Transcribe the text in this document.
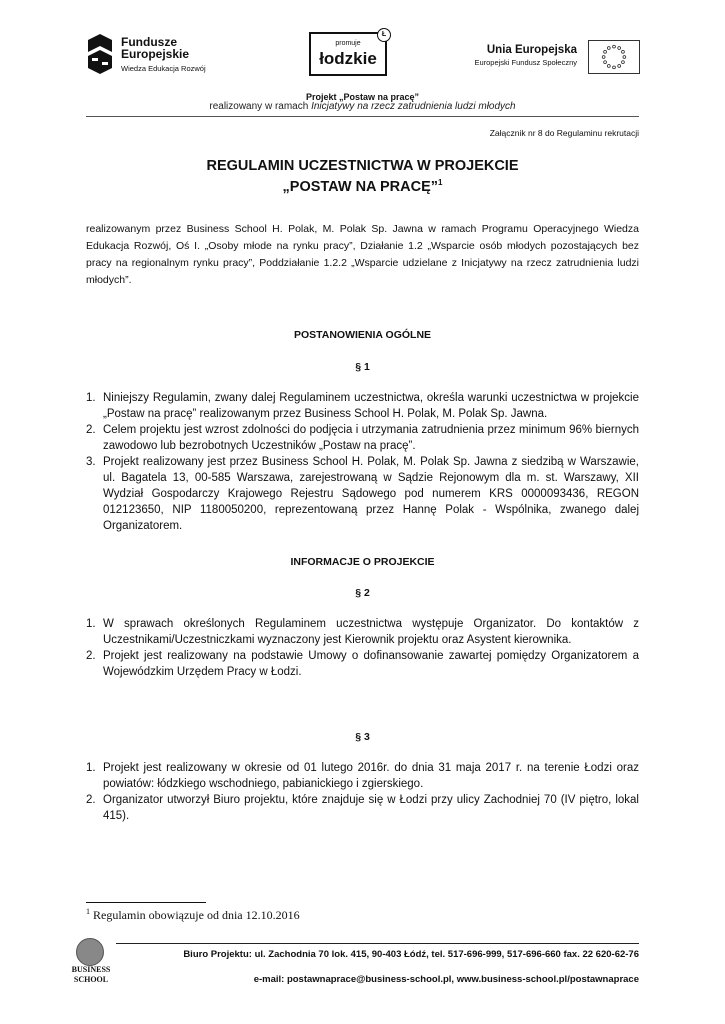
Fundusze
Europejskie
Wiedza Edukacja Rozwój
promuje
łodzkie
Ł
Unia Europejska
Europejski Fundusz Społeczny
Projekt „Postaw na pracę”
realizowany w ramach Inicjatywy na rzecz zatrudnienia ludzi młodych
Załącznik nr 8 do Regulaminu rekrutacji
REGULAMIN UCZESTNICTWA W PROJEKCIE
„POSTAW NA PRACĘ”$^1$
realizowanym przez Business School H. Polak, M. Polak Sp. Jawna w ramach Programu Operacyjnego Wiedza Edukacja Rozwój, Oś I. „Osoby młode na rynku pracy”, Działanie 1.2 „Wsparcie osób młodych pozostających bez pracy na regionalnym rynku pracy”, Poddziałanie 1.2.2 „Wsparcie udzielane z Inicjatywy na rzecz zatrudnienia ludzi młodych”.
POSTANOWIENIA OGÓLNE
§ 1
1. Niniejszy Regulamin, zwany dalej Regulaminem uczestnictwa, określa warunki uczestnictwa w projekcie „Postaw na pracę” realizowanym przez Business School H. Polak, M. Polak Sp. Jawna.
2. Celem projektu jest wzrost zdolności do podjęcia i utrzymania zatrudnienia przez minimum 96% biernych zawodowo lub bezrobotnych Uczestników „Postaw na pracę”.
3. Projekt realizowany jest przez Business School H. Polak, M. Polak Sp. Jawna z siedzibą w Warszawie, ul. Bagatela 13, 00-585 Warszawa, zarejestrowaną w Sądzie Rejonowym dla m. st. Warszawy, XII Wydział Gospodarczy Krajowego Rejestru Sądowego pod numerem KRS 0000093436, REGON 012123650, NIP 1180050200, reprezentowaną przez Hannę Polak - Wspólnika, zwanego dalej Organizatorem.
INFORMACJE O PROJEKCIE
§ 2
1. W sprawach określonych Regulaminem uczestnictwa występuje Organizator. Do kontaktów z Uczestnikami/Uczestniczkami wyznaczony jest Kierownik projektu oraz Asystent kierownika.
2. Projekt jest realizowany na podstawie Umowy o dofinansowanie zawartej pomiędzy Organizatorem a Wojewódzkim Urzędem Pracy w Łodzi.
§ 3
1. Projekt jest realizowany w okresie od 01 lutego 2016r. do dnia 31 maja 2017 r. na terenie Łodzi oraz powiatów: łódzkiego wschodniego, pabianickiego i zgierskiego.
2. Organizator utworzył Biuro projektu, które znajduje się w Łodzi przy ulicy Zachodniej 70 (IV piętro, lokal 415).
$^1$ Regulamin obowiązuje od dnia 12.10.2016
BUSINESS
SCHOOL
Biuro Projektu: ul. Zachodnia 70 lok. 415, 90-403 Łódź, tel. 517-696-999, 517-696-660 fax. 22 620-62-76
e-mail: postawnaprace@business-school.pl, www.business-school.pl/postawnaprace
